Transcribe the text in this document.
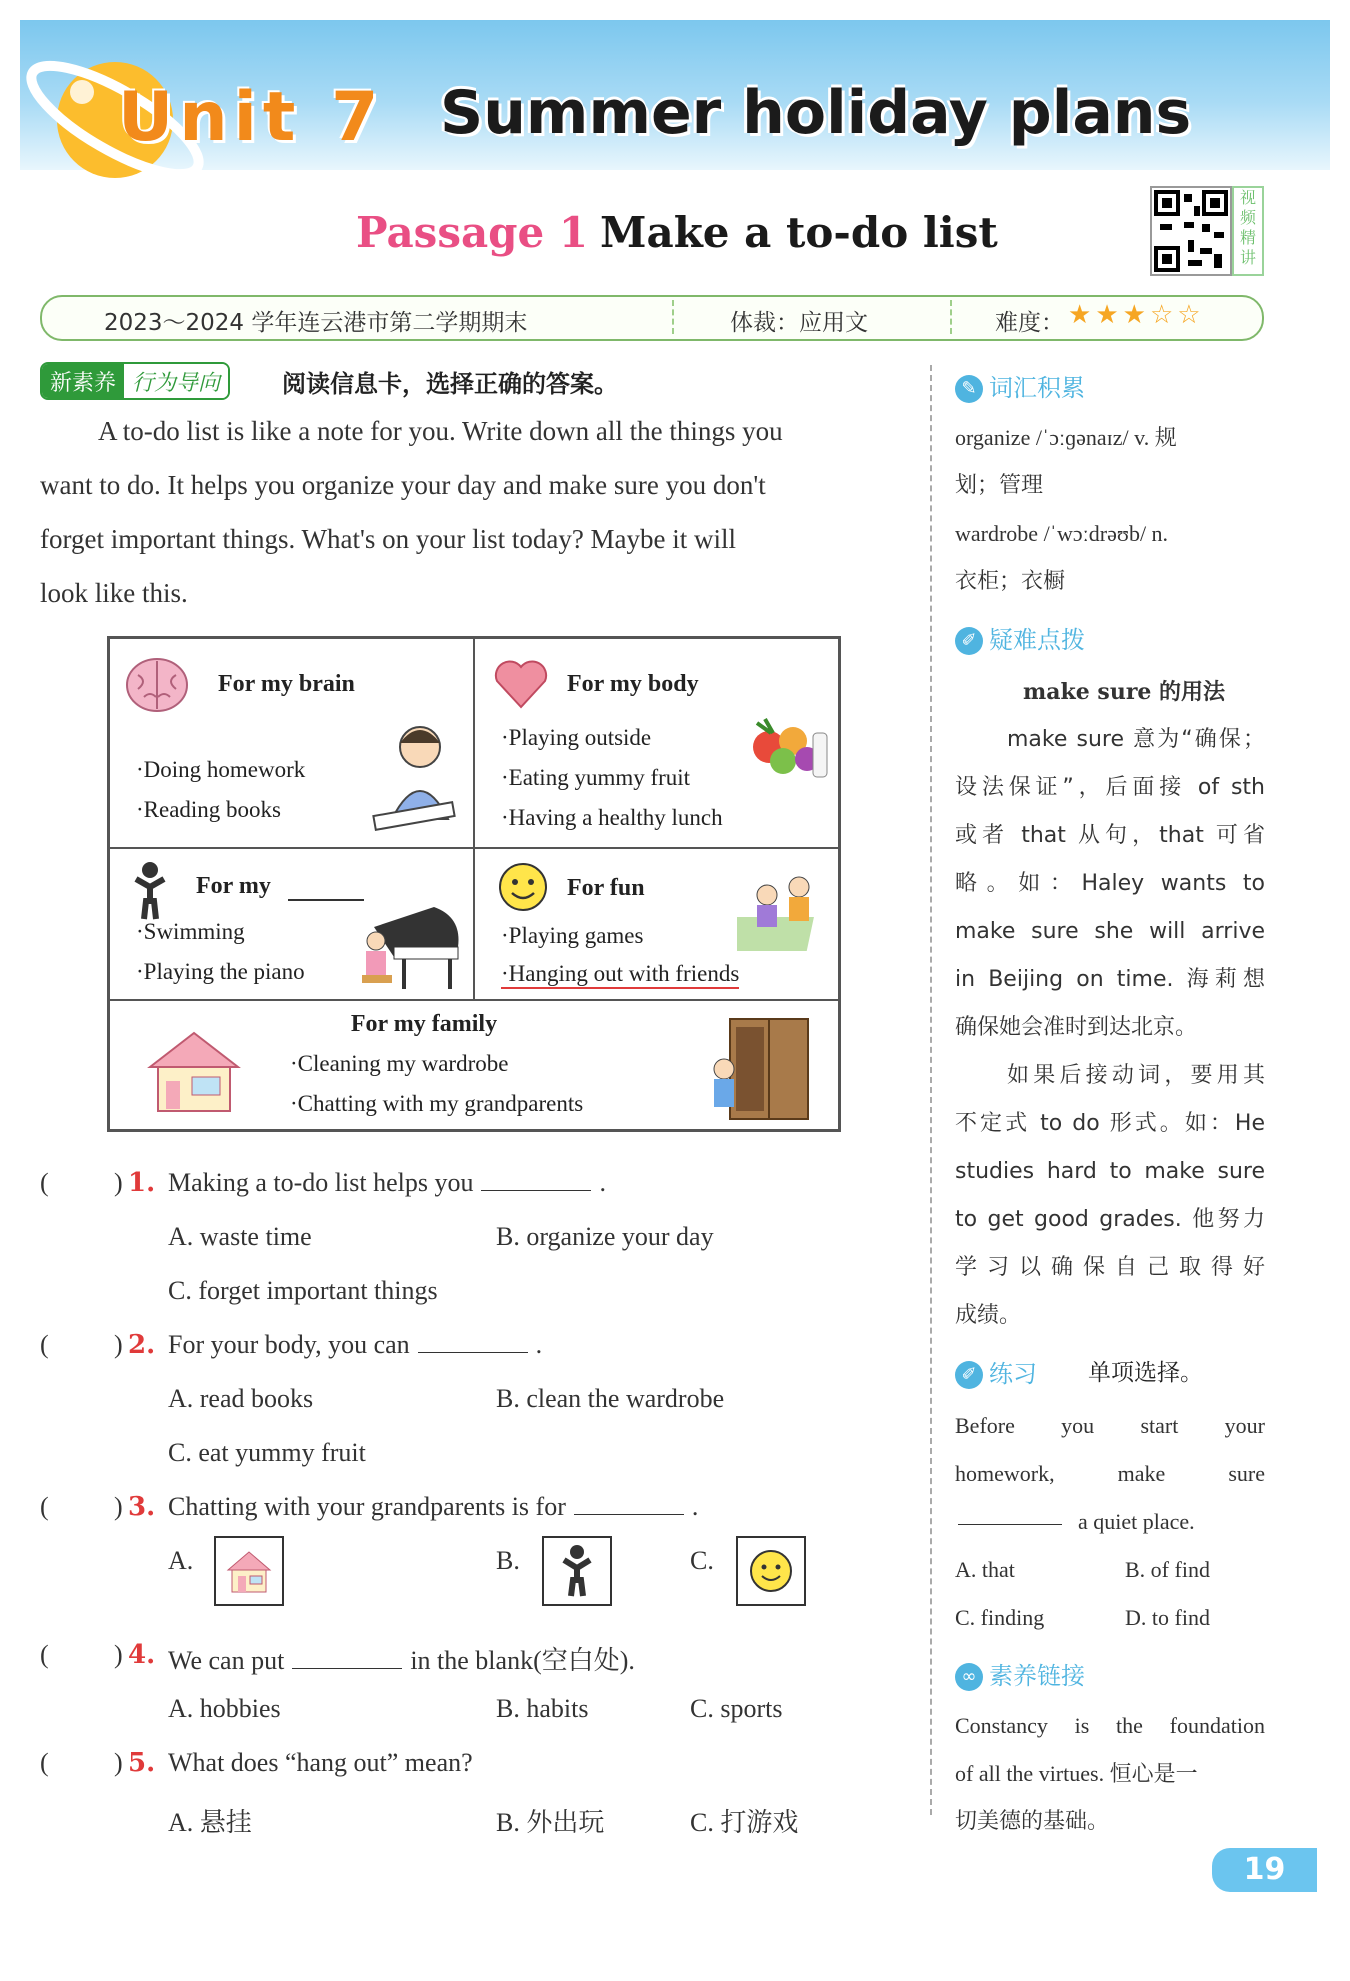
Unit 7 Summer holiday plans
Passage 1 Make a to-do list
视频精讲
2023～2024 学年连云港市第二学期期末	体裁：应用文	难度： ★★★☆☆
新素养 行为导向	阅读信息卡，选择正确的答案。
A to-do list is like a note for you. Write down all the things you
want to do. It helps you organize your day and make sure you don't
forget important things. What's on your list today? Maybe it will
look like this.
For my brain
·Doing homework
·Reading books
For my body
·Playing outside
·Eating yummy fruit
·Having a healthy lunch
For my
·Swimming
·Playing the piano
For fun
·Playing games
·Hanging out with friends
For my family
·Cleaning my wardrobe
·Chatting with my grandparents
(	) 1. Making a to-do list helps you	.
A. waste time	B. organize your day
C. forget important things
(	) 2. For your body, you can	.
A. read books	B. clean the wardrobe
C. eat yummy fruit
(	) 3. Chatting with your grandparents is for	.
A.	B.	C.
(	) 4. We can put	in the blank(空白处).
A. hobbies	B. habits	C. sports
(	) 5. What does “hang out” mean?
A. 悬挂	B. 外出玩	C. 打游戏
✎ 词汇积累
organize /ˈɔːɡənaɪz/ v. 规
划；管理
wardrobe /ˈwɔːdrəʊb/ n.
衣柜；衣橱
✐ 疑难点拨
make sure 的用法
make sure 意为“确保；
设法保证”，后面接 of sth
或者 that 从句，that 可省
略。如：Haley wants to
make sure she will arrive
in Beijing on time. 海莉想
确保她会准时到达北京。
如果后接动词，要用其
不定式 to do 形式。如：He
studies hard to make sure
to get good grades. 他努力
学习以确保自己取得好
成绩。
✐ 练习 单项选择。
Before you start your
homework, make sure
a quiet place.
A. that	B. of find
C. finding	D. to find
∞ 素养链接
Constancy is the foundation
of all the virtues. 恒心是一
切美德的基础。
19
